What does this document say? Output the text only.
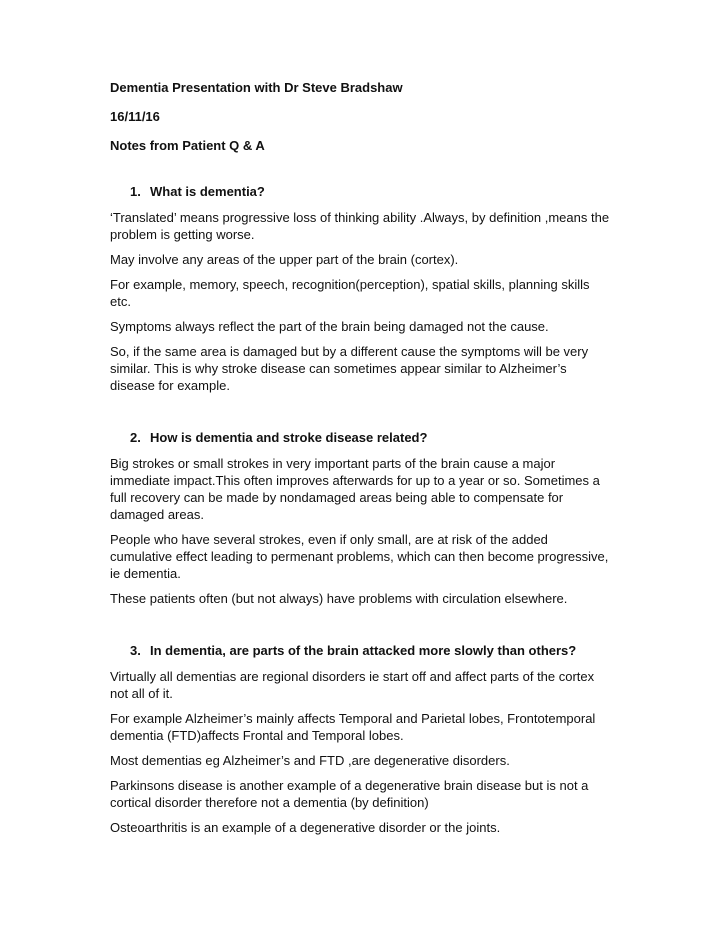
Dementia Presentation with Dr Steve Bradshaw

16/11/16

Notes from Patient Q & A

1. What is dementia?

‘Translated’ means progressive loss of thinking ability .Always, by definition ,means the problem is getting worse.

May involve any areas of the upper part of the brain (cortex).

For example, memory, speech, recognition(perception), spatial skills, planning skills etc.

Symptoms always reflect the part of the brain being damaged not the cause.

So, if the same area is damaged but by a different cause the symptoms will be very similar. This is why stroke disease can sometimes appear similar to Alzheimer’s disease for example.

2. How is dementia and stroke disease related?

Big strokes or small strokes in very important parts of the brain cause a major immediate impact.This often improves afterwards for up to a year or so. Sometimes a full recovery can be made by nondamaged areas being able to compensate for damaged areas.

People who have several strokes, even if only small, are at risk of the added cumulative effect leading to permenant problems, which can then become progressive, ie dementia.

These patients often (but not always) have problems with circulation elsewhere.

3. In dementia, are parts of the brain attacked more slowly than others?

Virtually all dementias are regional disorders ie start off and affect parts of the cortex not all of it.

For example Alzheimer’s mainly affects Temporal and Parietal lobes, Frontotemporal dementia (FTD)affects Frontal and Temporal lobes.

Most dementias eg Alzheimer’s and FTD ,are degenerative disorders.

Parkinsons disease is another example of a degenerative brain disease but is not a cortical disorder therefore not a dementia (by definition)

Osteoarthritis is an example of a degenerative disorder or the joints.
